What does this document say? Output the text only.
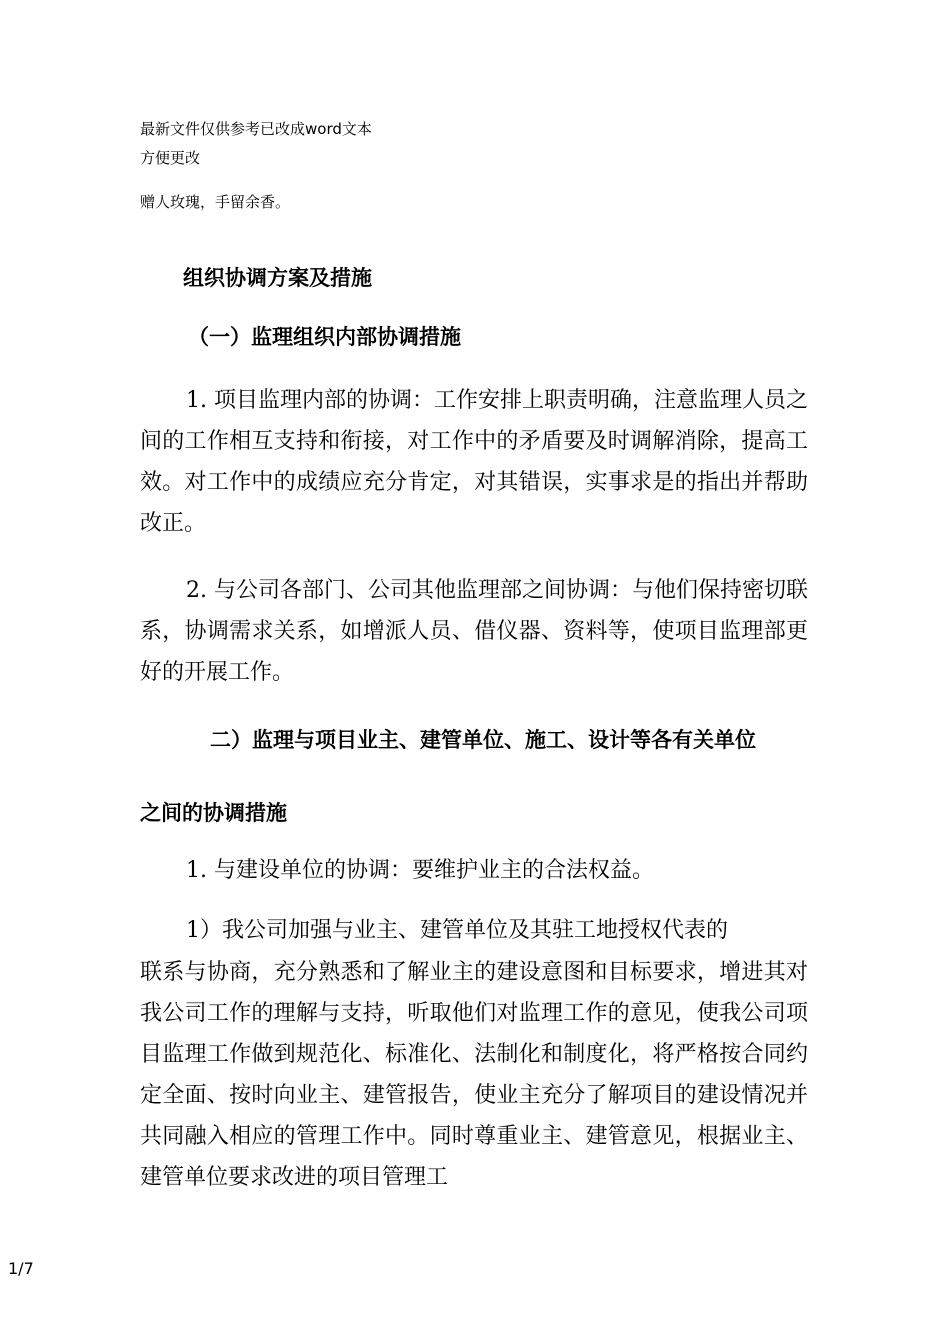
最新文件仅供参考已改成word文本
方便更改
赠人玫瑰，手留余香。
组织协调方案及措施
（一）监理组织内部协调措施
1. 项目监理内部的协调：工作安排上职责明确，注意监理人员之间的工作相互支持和衔接，对工作中的矛盾要及时调解消除，提高工效。对工作中的成绩应充分肯定，对其错误，实事求是的指出并帮助改正。
2. 与公司各部门、公司其他监理部之间协调：与他们保持密切联系，协调需求关系，如增派人员、借仪器、资料等，使项目监理部更好的开展工作。
二）监理与项目业主、建管单位、施工、设计等各有关单位
之间的协调措施
1. 与建设单位的协调：要维护业主的合法权益。
1）我公司加强与业主、建管单位及其驻工地授权代表的
联系与协商，充分熟悉和了解业主的建设意图和目标要求，增进其对我公司工作的理解与支持，听取他们对监理工作的意见，使我公司项目监理工作做到规范化、标准化、法制化和制度化，将严格按合同约定全面、按时向业主、建管报告，使业主充分了解项目的建设情况并共同融入相应的管理工作中。同时尊重业主、建管意见，根据业主、建管单位要求改进的项目管理工
1/7
